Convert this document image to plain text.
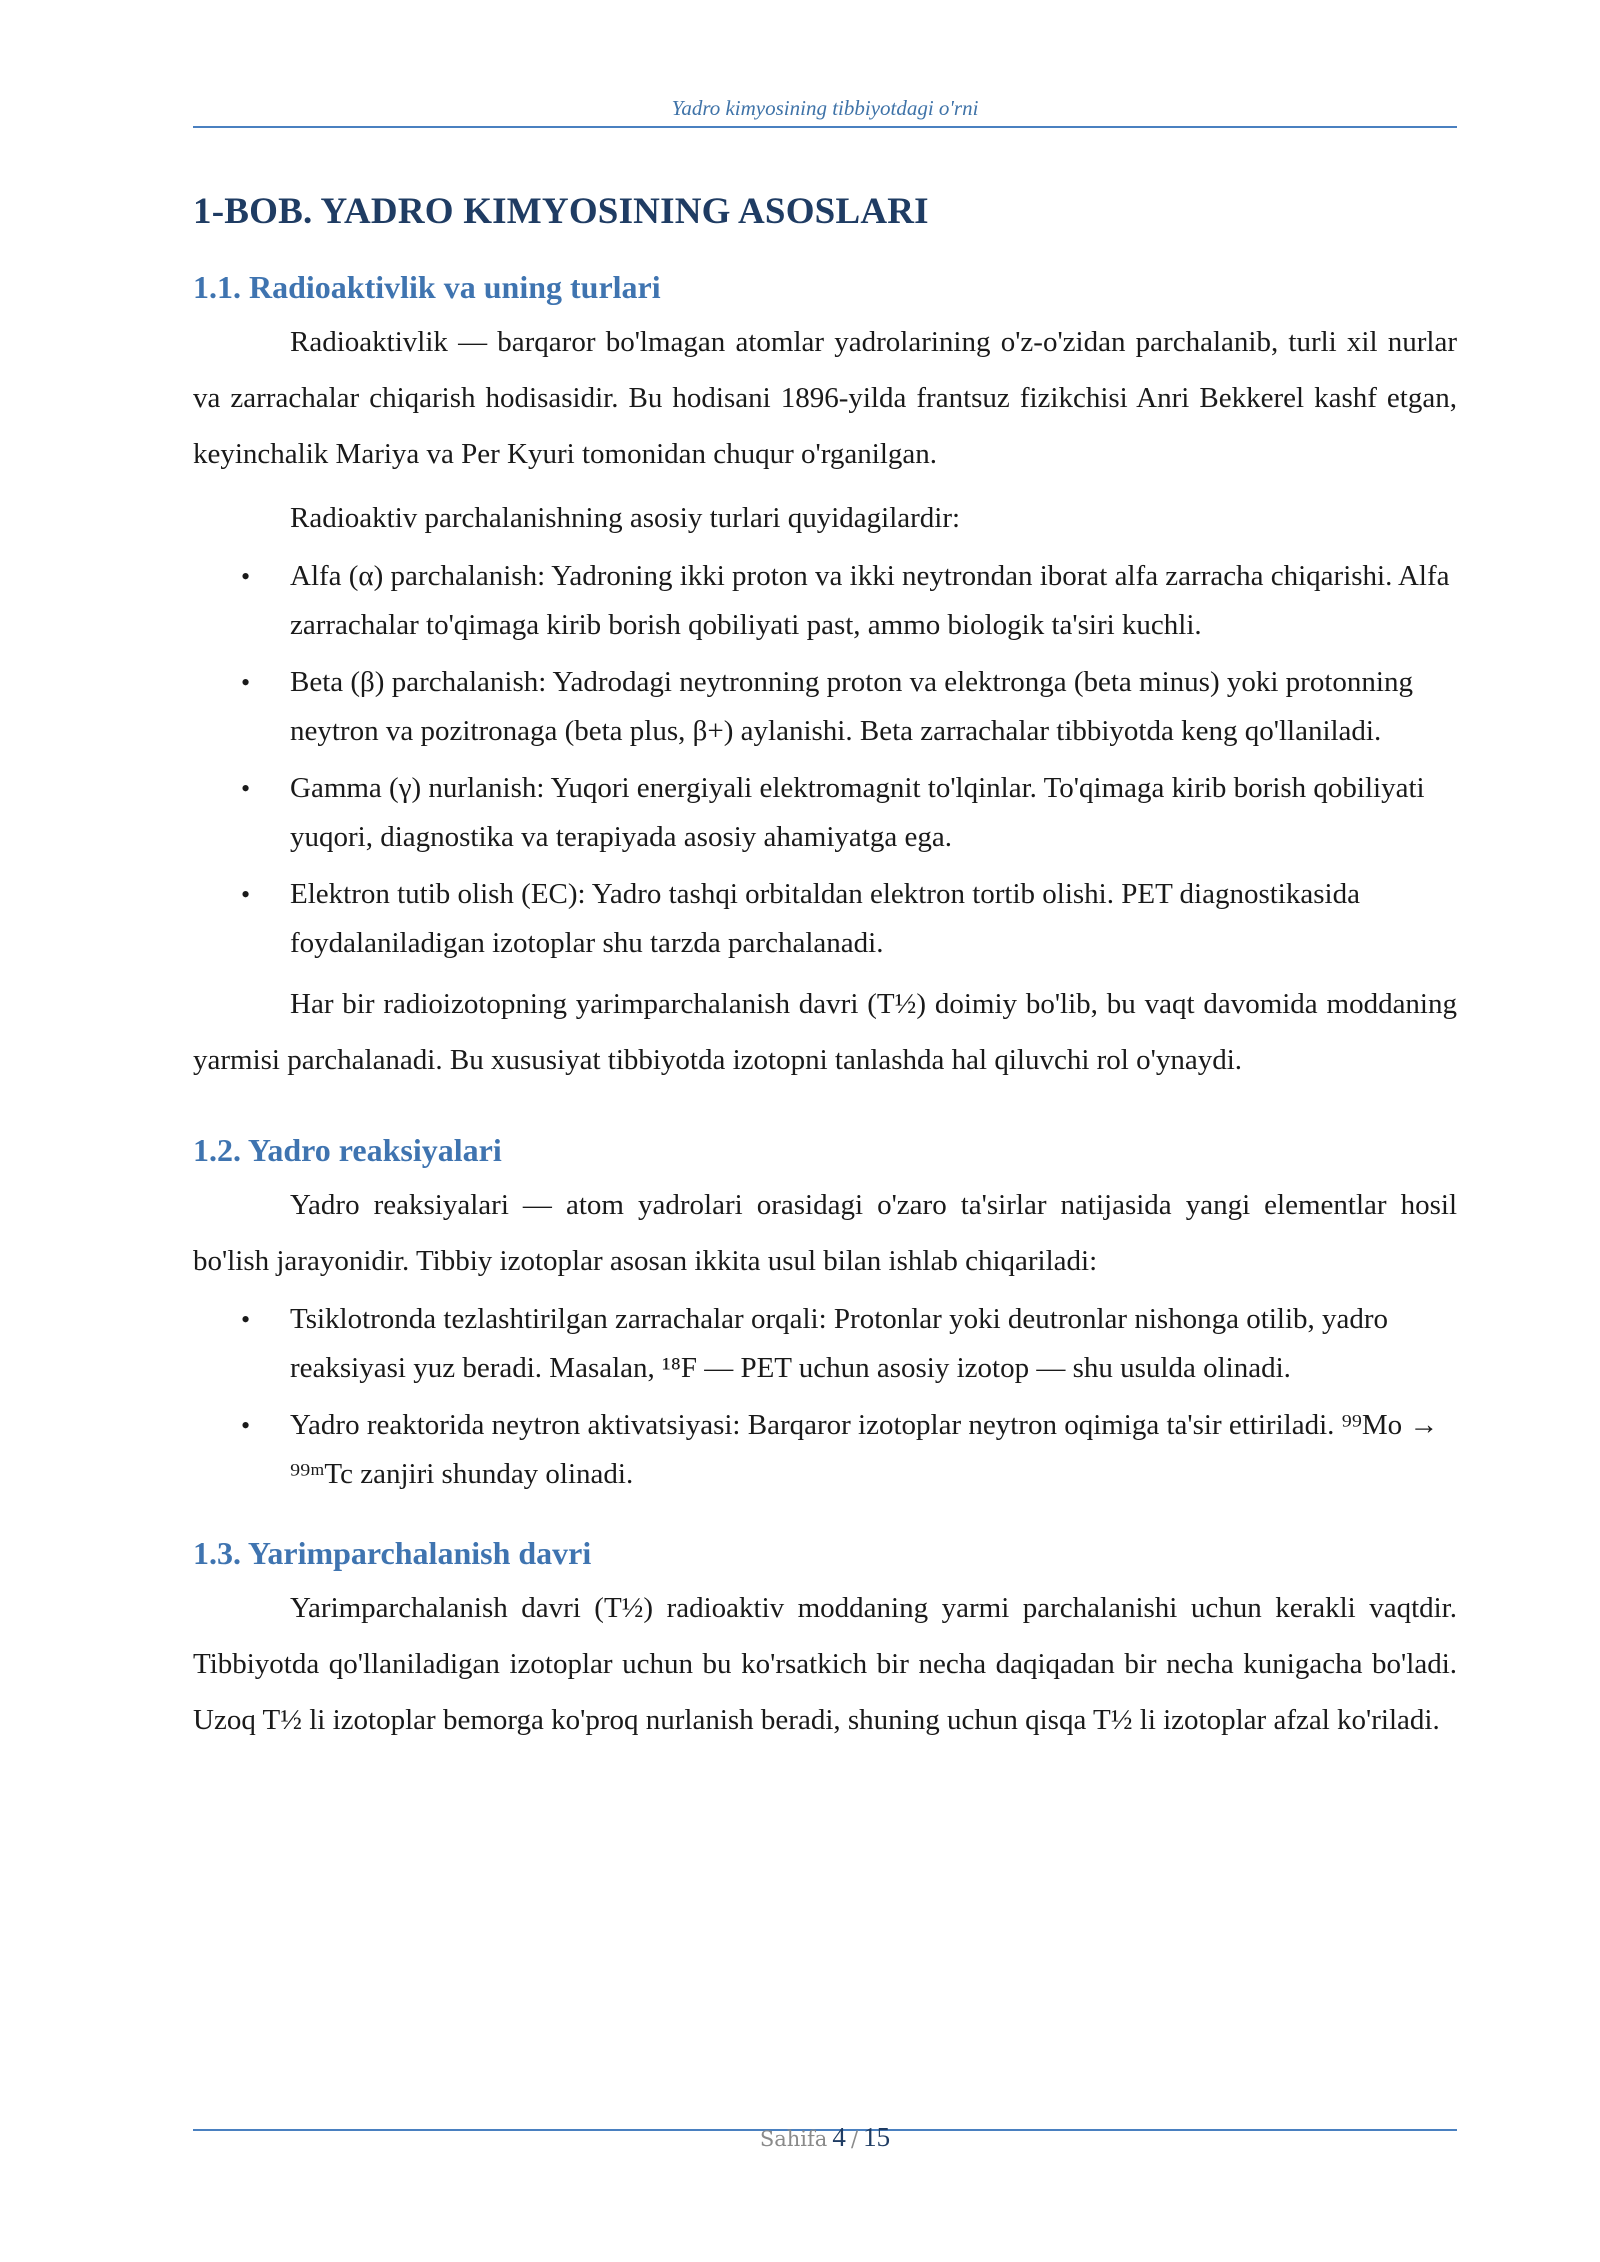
Yadro kimyosining tibbiyotdagi o'rni
1-BOB. YADRO KIMYOSINING ASOSLARI
1.1. Radioaktivlik va uning turlari

Radioaktivlik — barqaror bo'lmagan atomlar yadrolarining o'z-o'zidan parchalanib, turli xil nurlar va zarrachalar chiqarish hodisasidir. Bu hodisani 1896-yilda frantsuz fizikchisi Anri Bekkerel kashf etgan, keyinchalik Mariya va Per Kyuri tomonidan chuqur o'rganilgan.

Radioaktiv parchalanishning asosiy turlari quyidagilardir:

• Alfa (α) parchalanish: Yadroning ikki proton va ikki neytrondan iborat alfa zarracha chiqarishi. Alfa zarrachalar to'qimaga kirib borish qobiliyati past, ammo biologik ta'siri kuchli.
• Beta (β) parchalanish: Yadrodagi neytronning proton va elektronga (beta minus) yoki protonning neytron va pozitronaga (beta plus, β+) aylanishi. Beta zarrachalar tibbiyotda keng qo'llaniladi.
• Gamma (γ) nurlanish: Yuqori energiyali elektromagnit to'lqinlar. To'qimaga kirib borish qobiliyati yuqori, diagnostika va terapiyada asosiy ahamiyatga ega.
• Elektron tutib olish (EC): Yadro tashqi orbitaldan elektron tortib olishi. PET diagnostikasida foydalaniladigan izotoplar shu tarzda parchalanadi.

Har bir radioizotopning yarimparchalanish davri (T½) doimiy bo'lib, bu vaqt davomida moddaning yarmisi parchalanadi. Bu xususiyat tibbiyotda izotopni tanlashda hal qiluvchi rol o'ynaydi.

1.2. Yadro reaksiyalari

Yadro reaksiyalari — atom yadrolari orasidagi o'zaro ta'sirlar natijasida yangi elementlar hosil bo'lish jarayonidir. Tibbiy izotoplar asosan ikkita usul bilan ishlab chiqariladi:

• Tsiklotronda tezlashtirilgan zarrachalar orqali: Protonlar yoki deutronlar nishonga otilib, yadro reaksiyasi yuz beradi. Masalan, ¹⁸F — PET uchun asosiy izotop — shu usulda olinadi.
• Yadro reaktorida neytron aktivatsiyasi: Barqaror izotoplar neytron oqimiga ta'sir ettiriladi. ⁹⁹Mo → ⁹⁹ᵐTc zanjiri shunday olinadi.
1.3. Yarimparchalanish davri

Yarimparchalanish davri (T½) radioaktiv moddaning yarmi parchalanishi uchun kerakli vaqtdir. Tibbiyotda qo'llaniladigan izotoplar uchun bu ko'rsatkich bir necha daqiqadan bir necha kunigacha bo'ladi. Uzoq T½ li izotoplar bemorga ko'proq nurlanish beradi, shuning uchun qisqa T½ li izotoplar afzal ko'riladi.

Sahifa 4 / 15
